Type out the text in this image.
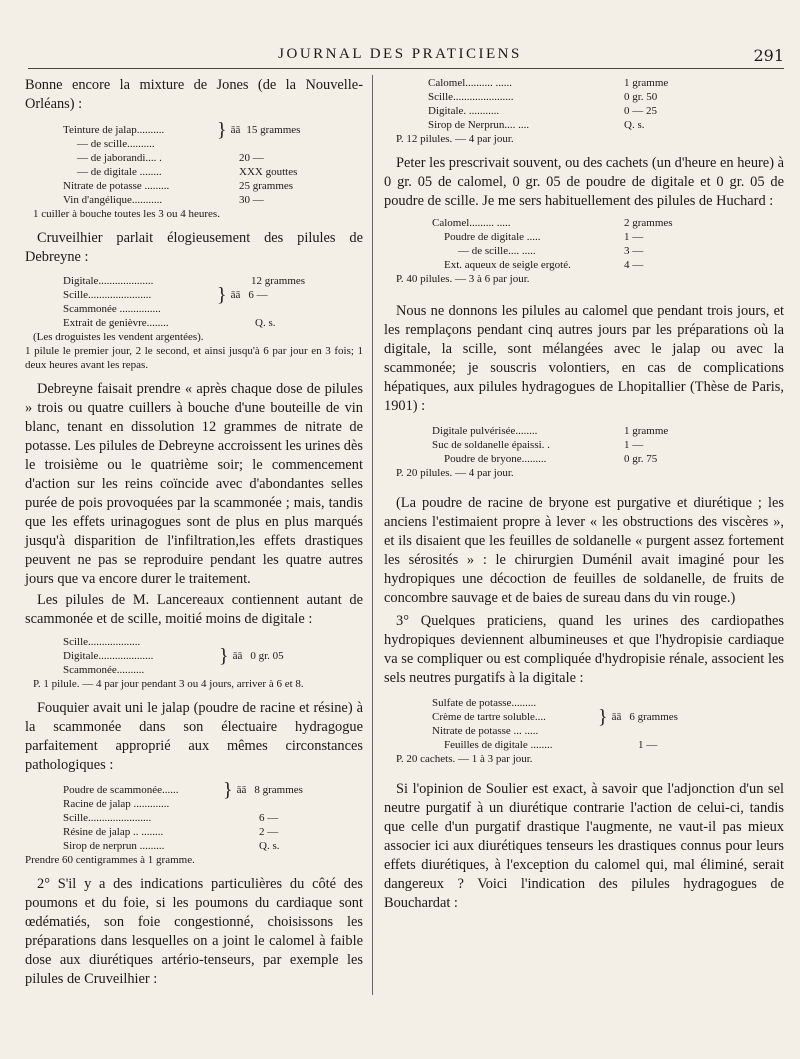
JOURNAL DES PRATICIENS	291

Bonne encore la mixture de Jones (de la Nouvelle-Orléans) :

Teinture de jalap..........	} āā 15 grammes
— de scille..........
— de jaborandi.... .	20 —
— de digitale ........	XXX gouttes
Nitrate de potasse .........	25 grammes
Vin d'angélique...........	30 —
1 cuiller à bouche toutes les 3 ou 4 heures.

Cruveilhier parlait élogieusement des pilules de Debreyne :

Digitale....................	12 grammes
Scille.......................	} āā 6 —
Scammonée ...............
Extrait de genièvre........	Q. s.
(Les droguistes les vendent argentées).
1 pilule le premier jour, 2 le second, et ainsi jusqu'à 6 par jour en 3 fois; 1 deux heures avant les repas.

Debreyne faisait prendre « après chaque dose de pilules » trois ou quatre cuillers à bouche d'une bouteille de vin blanc, tenant en dissolution 12 grammes de nitrate de potasse. Les pilules de Debreyne accroissent les urines dès le troisième ou le quatrième soir; le commencement d'action sur les reins coïncide avec d'abondantes selles purée de pois provoquées par la scammonée ; mais, tandis que les effets urinagogues sont de plus en plus marqués jusqu'à disparition de l'infiltration,les effets drastiques peuvent ne pas se reproduire pendant les quatre autres jours que va encore durer le traitement.

Les pilules de M. Lancereaux contiennent autant de scammonée et de scille, moitié moins de digitale :

Scille...................
Digitale....................	} āā 0 gr. 05
Scammonée..........
P. 1 pilule. — 4 par jour pendant 3 ou 4 jours, arriver à 6 et 8.

Fouquier avait uni le jalap (poudre de racine et résine) à la scammonée dans son électuaire hydragogue parfaitement approprié aux mêmes circonstances pathologiques :

Poudre de scammonée......	} āā 8 grammes
Racine de jalap .............
Scille.......................	6 —
Résine de jalap .. ........	2 —
Sirop de nerprun .........	Q. s.
Prendre 60 centigrammes à 1 gramme.

2° S'il y a des indications particulières du côté des poumons et du foie, si les poumons du cardiaque sont œdématiés, son foie congestionné, choisissons les préparations dans lesquelles on a joint le calomel à faible dose aux diurétiques artério-tenseurs, par exemple les pilules de Cruveilhier :

Calomel.......... ......	1 gramme
Scille......................	0 gr. 50
Digitale. ...........	0 — 25
Sirop de Nerprun.... ....	Q. s.
P. 12 pilules. — 4 par jour.

Peter les prescrivait souvent, ou des cachets (un d'heure en heure) à 0 gr. 05 de calomel, 0 gr. 05 de poudre de digitale et 0 gr. 05 de poudre de scille. Je me sers habituellement des pilules de Huchard :

Calomel......... .....	2 grammes
Poudre de digitale .....	1 —
— de scille.... .....	3 —
Ext. aqueux de seigle ergoté.	4 —
P. 40 pilules. — 3 à 6 par jour.

Nous ne donnons les pilules au calomel que pendant trois jours, et les remplaçons pendant cinq autres jours par les préparations où la digitale, la scille, sont mélangées avec le jalap ou avec la scammonée; je souscris volontiers, en cas de complications hépatiques, aux pilules hydragogues de Lhopitallier (Thèse de Paris, 1901) :

Digitale pulvérisée........	1 gramme
Suc de soldanelle épaissi. .	1 —
Poudre de bryone.........	0 gr. 75
P. 20 pilules. — 4 par jour.

(La poudre de racine de bryone est purgative et diurétique ; les anciens l'estimaient propre à lever « les obstructions des viscères », et ils disaient que les feuilles de soldanelle « purgent assez fortement les sérosités » : le chirurgien Duménil avait imaginé pour les hydropiques une décoction de feuilles de soldanelle, de fruits de concombre sauvage et de baies de sureau dans du vin rouge.)

3° Quelques praticiens, quand les urines des cardiopathes hydropiques deviennent albumineuses et que l'hydropisie cardiaque va se compliquer ou est compliquée d'hydropisie rénale, associent les sels neutres purgatifs à la digitale :

Sulfate de potasse.........
Crème de tartre soluble....	} āā 6 grammes
Nitrate de potasse ... .....
Feuilles de digitale ........	1 —
P. 20 cachets. — 1 à 3 par jour.

Si l'opinion de Soulier est exact, à savoir que l'adjonction d'un sel neutre purgatif à un diurétique contrarie l'action de celui-ci, tandis que celle d'un purgatif drastique l'augmente, ne vaut-il pas mieux associer ici aux diurétiques tenseurs les drastiques connus pour leurs effets diurétiques, à l'exception du calomel qui, mal éliminé, serait dangereux ? Voici l'indication des pilules hydragogues de Bouchardat :
